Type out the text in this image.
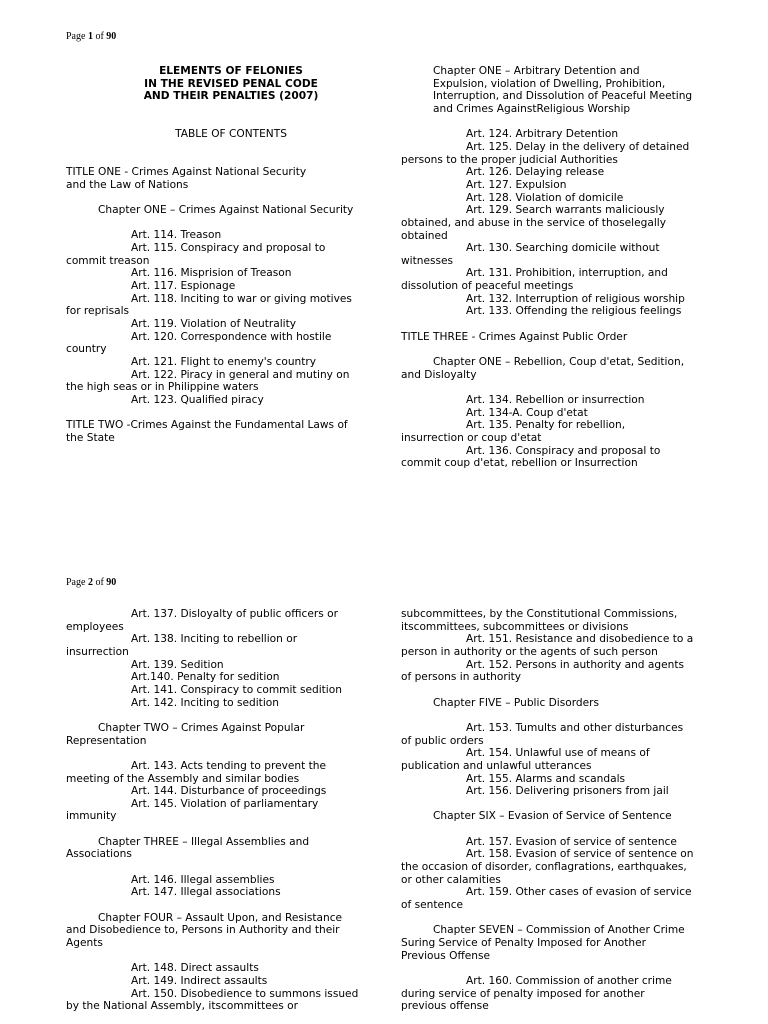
Page 1 of 90
ELEMENTS OF FELONIES
IN THE REVISED PENAL CODE
AND THEIR PENALTIES (2007)
TABLE OF CONTENTS
TITLE ONE - Crimes Against National Security
and the Law of Nations
Chapter ONE – Crimes Against National Security
Art. 114. Treason
Art. 115. Conspiracy and proposal to
commit treason
Art. 116. Misprision of Treason
Art. 117. Espionage
Art. 118. Inciting to war or giving motives
for reprisals
Art. 119. Violation of Neutrality
Art. 120. Correspondence with hostile
country
Art. 121. Flight to enemy's country
Art. 122. Piracy in general and mutiny on
the high seas or in Philippine waters
Art. 123. Qualified piracy
TITLE TWO -Crimes Against the Fundamental Laws of
the State
Chapter ONE – Arbitrary Detention and
Expulsion, violation of Dwelling, Prohibition,
Interruption, and Dissolution of Peaceful Meeting
and Crimes AgainstReligious Worship
Art. 124. Arbitrary Detention
Art. 125. Delay in the delivery of detained
persons to the proper judicial Authorities
Art. 126. Delaying release
Art. 127. Expulsion
Art. 128. Violation of domicile
Art. 129. Search warrants maliciously
obtained, and abuse in the service of thoselegally
obtained
Art. 130. Searching domicile without
witnesses
Art. 131. Prohibition, interruption, and
dissolution of peaceful meetings
Art. 132. Interruption of religious worship
Art. 133. Offending the religious feelings
TITLE THREE - Crimes Against Public Order
Chapter ONE – Rebellion, Coup d'etat, Sedition,
and Disloyalty
Art. 134. Rebellion or insurrection
Art. 134-A. Coup d'etat
Art. 135. Penalty for rebellion,
insurrection or coup d'etat
Art. 136. Conspiracy and proposal to
commit coup d'etat, rebellion or Insurrection
Page 2 of 90
Art. 137. Disloyalty of public officers or
employees
Art. 138. Inciting to rebellion or
insurrection
Art. 139. Sedition
Art.140. Penalty for sedition
Art. 141. Conspiracy to commit sedition
Art. 142. Inciting to sedition
Chapter TWO – Crimes Against Popular
Representation
Art. 143. Acts tending to prevent the
meeting of the Assembly and similar bodies
Art. 144. Disturbance of proceedings
Art. 145. Violation of parliamentary
immunity
Chapter THREE – Illegal Assemblies and
Associations
Art. 146. Illegal assemblies
Art. 147. Illegal associations
Chapter FOUR – Assault Upon, and Resistance
and Disobedience to, Persons in Authority and their
Agents
Art. 148. Direct assaults
Art. 149. Indirect assaults
Art. 150. Disobedience to summons issued
by the National Assembly, itscommittees or
subcommittees, by the Constitutional Commissions,
itscommittees, subcommittees or divisions
Art. 151. Resistance and disobedience to a
person in authority or the agents of such person
Art. 152. Persons in authority and agents
of persons in authority
Chapter FIVE – Public Disorders
Art. 153. Tumults and other disturbances
of public orders
Art. 154. Unlawful use of means of
publication and unlawful utterances
Art. 155. Alarms and scandals
Art. 156. Delivering prisoners from jail
Chapter SIX – Evasion of Service of Sentence
Art. 157. Evasion of service of sentence
Art. 158. Evasion of service of sentence on
the occasion of disorder, conflagrations, earthquakes,
or other calamities
Art. 159. Other cases of evasion of service
of sentence
Chapter SEVEN – Commission of Another Crime
Suring Service of Penalty Imposed for Another
Previous Offense
Art. 160. Commission of another crime
during service of penalty imposed for another
previous offense
